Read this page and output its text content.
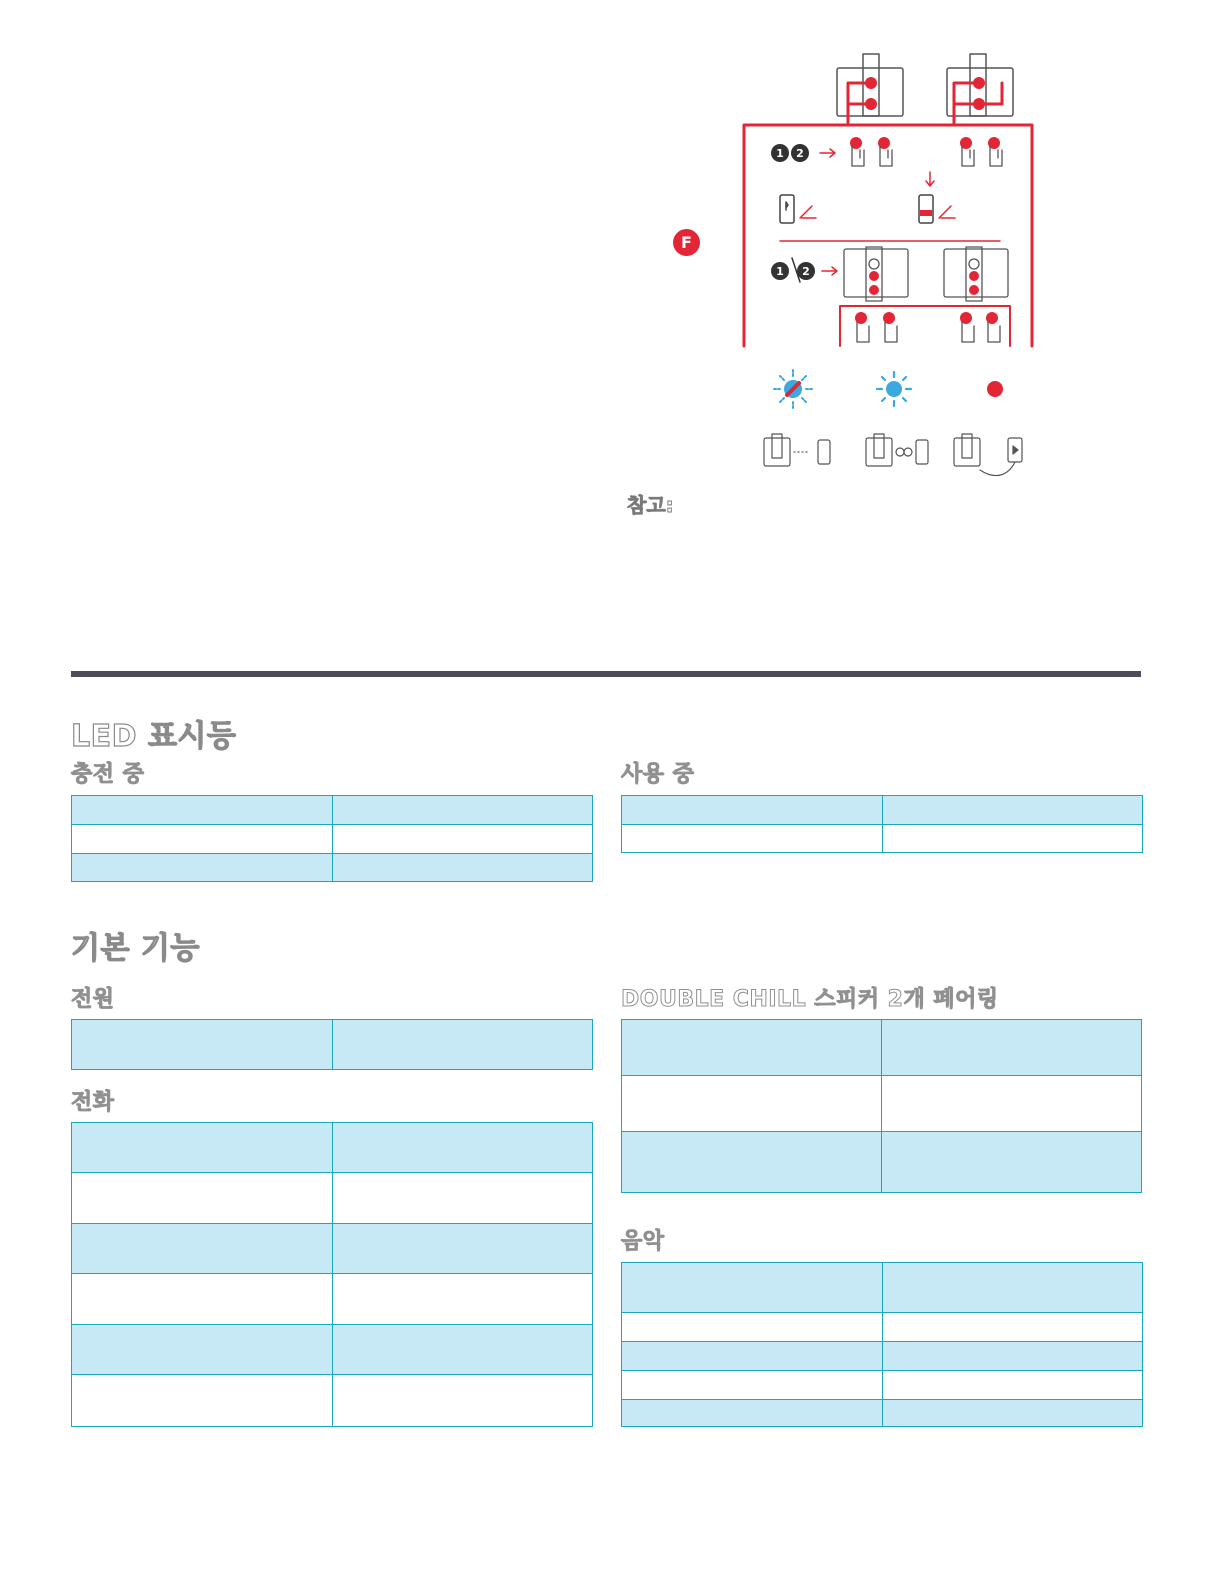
1 2
1 2
F

참고:

LED 표시등
충전 중	사용 중
기본 기능
전원
전화
DOUBLE CHILL 스피커 2개 페어링
음악
